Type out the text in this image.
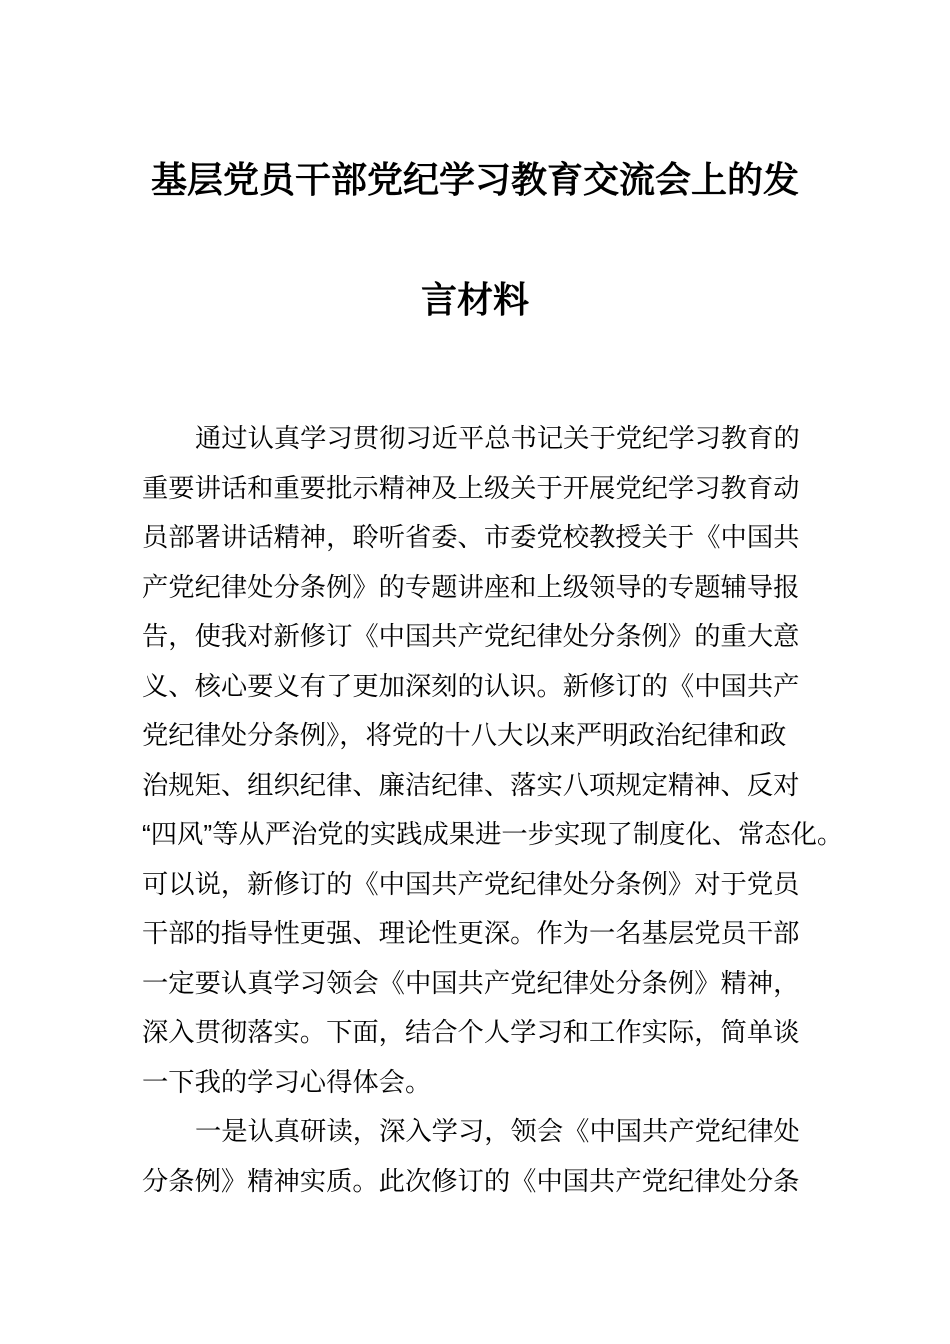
基层党员干部党纪学习教育交流会上的发
言材料
通过认真学习贯彻习近平总书记关于党纪学习教育的
重要讲话和重要批示精神及上级关于开展党纪学习教育动
员部署讲话精神，聆听省委、市委党校教授关于《中国共
产党纪律处分条例》的专题讲座和上级领导的专题辅导报
告，使我对新修订《中国共产党纪律处分条例》的重大意
义、核心要义有了更加深刻的认识。新修订的《中国共产
党纪律处分条例》，将党的十八大以来严明政治纪律和政
治规矩、组织纪律、廉洁纪律、落实八项规定精神、反对
“四风”等从严治党的实践成果进一步实现了制度化、常态化。
可以说，新修订的《中国共产党纪律处分条例》对于党员
干部的指导性更强、理论性更深。作为一名基层党员干部
一定要认真学习领会《中国共产党纪律处分条例》精神，
深入贯彻落实。下面，结合个人学习和工作实际，简单谈
一下我的学习心得体会。
一是认真研读，深入学习，领会《中国共产党纪律处
分条例》精神实质。此次修订的《中国共产党纪律处分条
